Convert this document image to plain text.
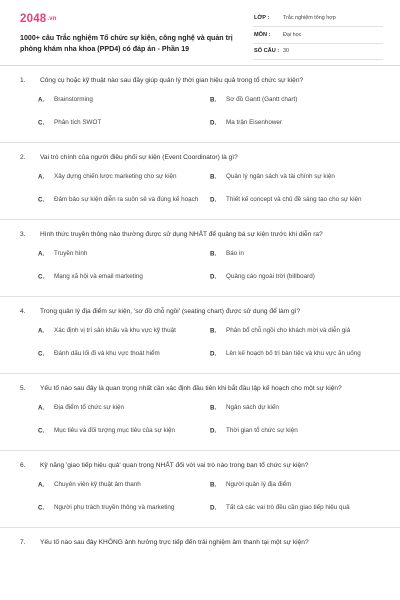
2048.vn
1000+ câu Trắc nghiệm Tổ chức sự kiện, công nghệ và quản trị phòng khám nha khoa (PPD4) có đáp án - Phần 19
LỚP :	Trắc nghiệm tổng hợp
MÔN : Đại học
SỐ CÂU : 30
1. Công cụ hoặc kỹ thuật nào sau đây giúp quản lý thời gian hiệu quả trong tổ chức sự kiện?
A. Brainstorming	B. Sơ đồ Gantt (Gantt chart)
C. Phân tích SWOT	D. Ma trận Eisenhower
2. Vai trò chính của người điều phối sự kiện (Event Coordinator) là gì?
A. Xây dựng chiến lược marketing cho sự kiện	B. Quản lý ngân sách và tài chính sự kiện
C. Đảm bảo sự kiện diễn ra suôn sẻ và đúng kế hoạch D. Thiết kế concept và chủ đề sáng tạo cho sự kiện
3. Hình thức truyền thông nào thường được sử dụng NHẤT để quảng bá sự kiện trước khi diễn ra?
A. Truyền hình	B. Báo in
C. Mạng xã hội và email marketing	D. Quảng cáo ngoài trời (billboard)
4. Trong quản lý địa điểm sự kiện, 'sơ đồ chỗ ngồi' (seating chart) được sử dụng để làm gì?
A. Xác định vị trí sân khấu và khu vực kỹ thuật	B. Phân bổ chỗ ngồi cho khách mời và diễn giả
C. Đánh dấu lối đi và khu vực thoát hiểm	D. Lên kế hoạch bố trí bàn tiệc và khu vực ăn uống
5. Yếu tố nào sau đây là quan trọng nhất cần xác định đầu tiên khi bắt đầu lập kế hoạch cho một sự kiện?
A. Địa điểm tổ chức sự kiện	B. Ngân sách dự kiến
C. Mục tiêu và đối tượng mục tiêu của sự kiện	D. Thời gian tổ chức sự kiện
6. Kỹ năng 'giao tiếp hiệu quả' quan trọng NHẤT đối với vai trò nào trong ban tổ chức sự kiện?
A. Chuyên viên kỹ thuật âm thanh	B. Người quản lý địa điểm
C. Người phụ trách truyền thông và marketing	D. Tất cả các vai trò đều cần giao tiếp hiệu quả
7. Yếu tố nào sau đây KHÔNG ảnh hưởng trực tiếp đến trải nghiệm âm thanh tại một sự kiện?
